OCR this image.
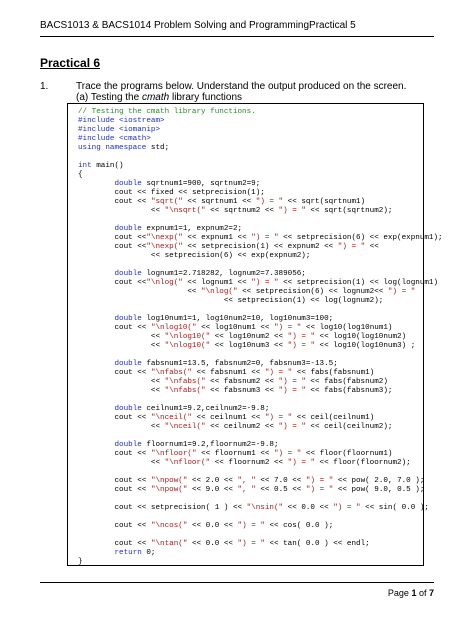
BACS1013 & BACS1014 Problem Solving and ProgrammingPractical 5
Practical 6
1.	Trace the programs below. Understand the output produced on the screen.
(a) Testing the cmath library functions
// Testing the cmath library functions.
#include <iostream>
#include <iomanip>
#include <cmath>
using namespace std;

int main()
{
double sqrtnum1=900, sqrtnum2=9;
cout << fixed << setprecision(1);
cout << "sqrt(" << sqrtnum1 << ") = " << sqrt(sqrtnum1)
<< "\nsqrt(" << sqrtnum2 << ") = " << sqrt(sqrtnum2);

double expnum1=1, expnum2=2;
cout <<"\nexp(" << expnum1 << ") = " << setprecision(6) << exp(expnum1);
cout <<"\nexp(" << setprecision(1) << expnum2 << ") = " <<
<< setprecision(6) << exp(expnum2);

double lognum1=2.718282, lognum2=7.389056;
cout <<"\nlog(" << lognum1 << ") = " << setprecision(1) << log(lognum1)
<< "\nlog(" << setprecision(6) << lognum2<< ") = "
<< setprecision(1) << log(lognum2);

double log10num1=1, log10num2=10, log10num3=100;
cout << "\nlog10(" << log10num1 << ") = " << log10(log10num1)
<< "\nlog10(" << log10num2 << ") = " << log10(log10num2)
<< "\nlog10(" << log10num3 << ") = " << log10(log10num3) ;

double fabsnum1=13.5, fabsnum2=0, fabsnum3=-13.5;
cout << "\nfabs(" << fabsnum1 << ") = " << fabs(fabsnum1)
<< "\nfabs(" << fabsnum2 << ") = " << fabs(fabsnum2)
<< "\nfabs(" << fabsnum3 << ") = " << fabs(fabsnum3);

double ceilnum1=9.2,ceilnum2=-9.8;
cout << "\nceil(" << ceilnum1 << ") = " << ceil(ceilnum1)
<< "\nceil(" << ceilnum2 << ") = " << ceil(ceilnum2);

double floornum1=9.2,floornum2=-9.8;
cout << "\nfloor(" << floornum1 << ") = " << floor(floornum1)
<< "\nfloor(" << floornum2 << ") = " << floor(floornum2);

cout << "\npow(" << 2.0 << ", " << 7.0 << ") = " << pow( 2.0, 7.0 );
cout << "\npow(" << 9.0 << ", " << 0.5 << ") = " << pow( 9.0, 0.5 );

cout << setprecision( 1 ) << "\nsin(" << 0.0 << ") = " << sin( 0.0 );

cout << "\ncos(" << 0.0 << ") = " << cos( 0.0 );

cout << "\ntan(" << 0.0 << ") = " << tan( 0.0 ) << endl;
return 0;
}

Page 1 of 7
